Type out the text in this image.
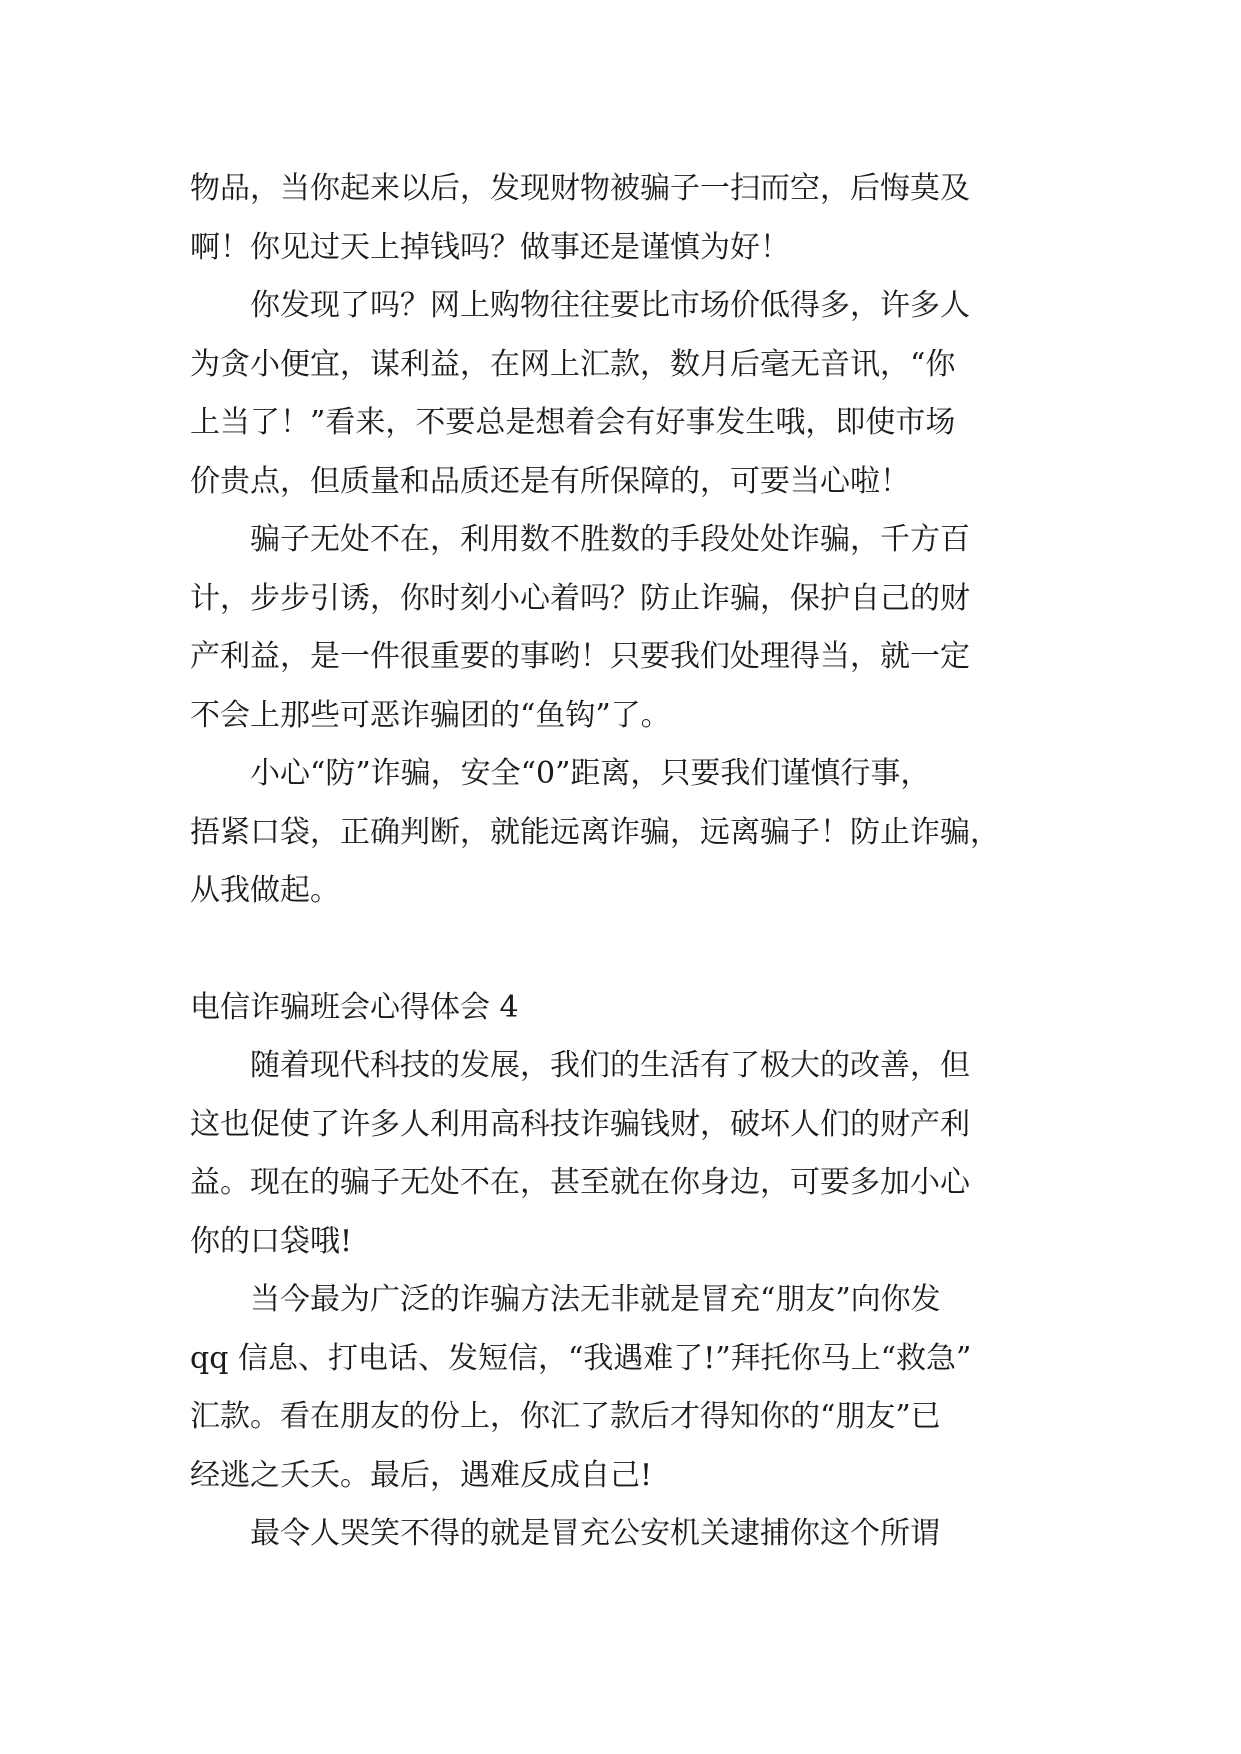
物品，当你起来以后，发现财物被骗子一扫而空，后悔莫及
啊！你见过天上掉钱吗？做事还是谨慎为好！

你发现了吗？网上购物往往要比市场价低得多，许多人
为贪小便宜，谋利益，在网上汇款，数月后毫无音讯，“你
上当了！”看来，不要总是想着会有好事发生哦，即使市场
价贵点，但质量和品质还是有所保障的，可要当心啦！

骗子无处不在，利用数不胜数的手段处处诈骗，千方百
计，步步引诱，你时刻小心着吗？防止诈骗，保护自己的财
产利益，是一件很重要的事哟！只要我们处理得当，就一定
不会上那些可恶诈骗团的“鱼钩”了。

小心“防”诈骗，安全“0”距离，只要我们谨慎行事，
捂紧口袋，正确判断，就能远离诈骗，远离骗子！防止诈骗，
从我做起。

电信诈骗班会心得体会 4

随着现代科技的发展，我们的生活有了极大的改善，但
这也促使了许多人利用高科技诈骗钱财，破坏人们的财产利
益。现在的骗子无处不在，甚至就在你身边，可要多加小心
你的口袋哦!

当今最为广泛的诈骗方法无非就是冒充“朋友”向你发
qq 信息、打电话、发短信，“我遇难了!”拜托你马上“救急”
汇款。看在朋友的份上，你汇了款后才得知你的“朋友”已
经逃之夭夭。最后，遇难反成自己!

最令人哭笑不得的就是冒充公安机关逮捕你这个所谓
